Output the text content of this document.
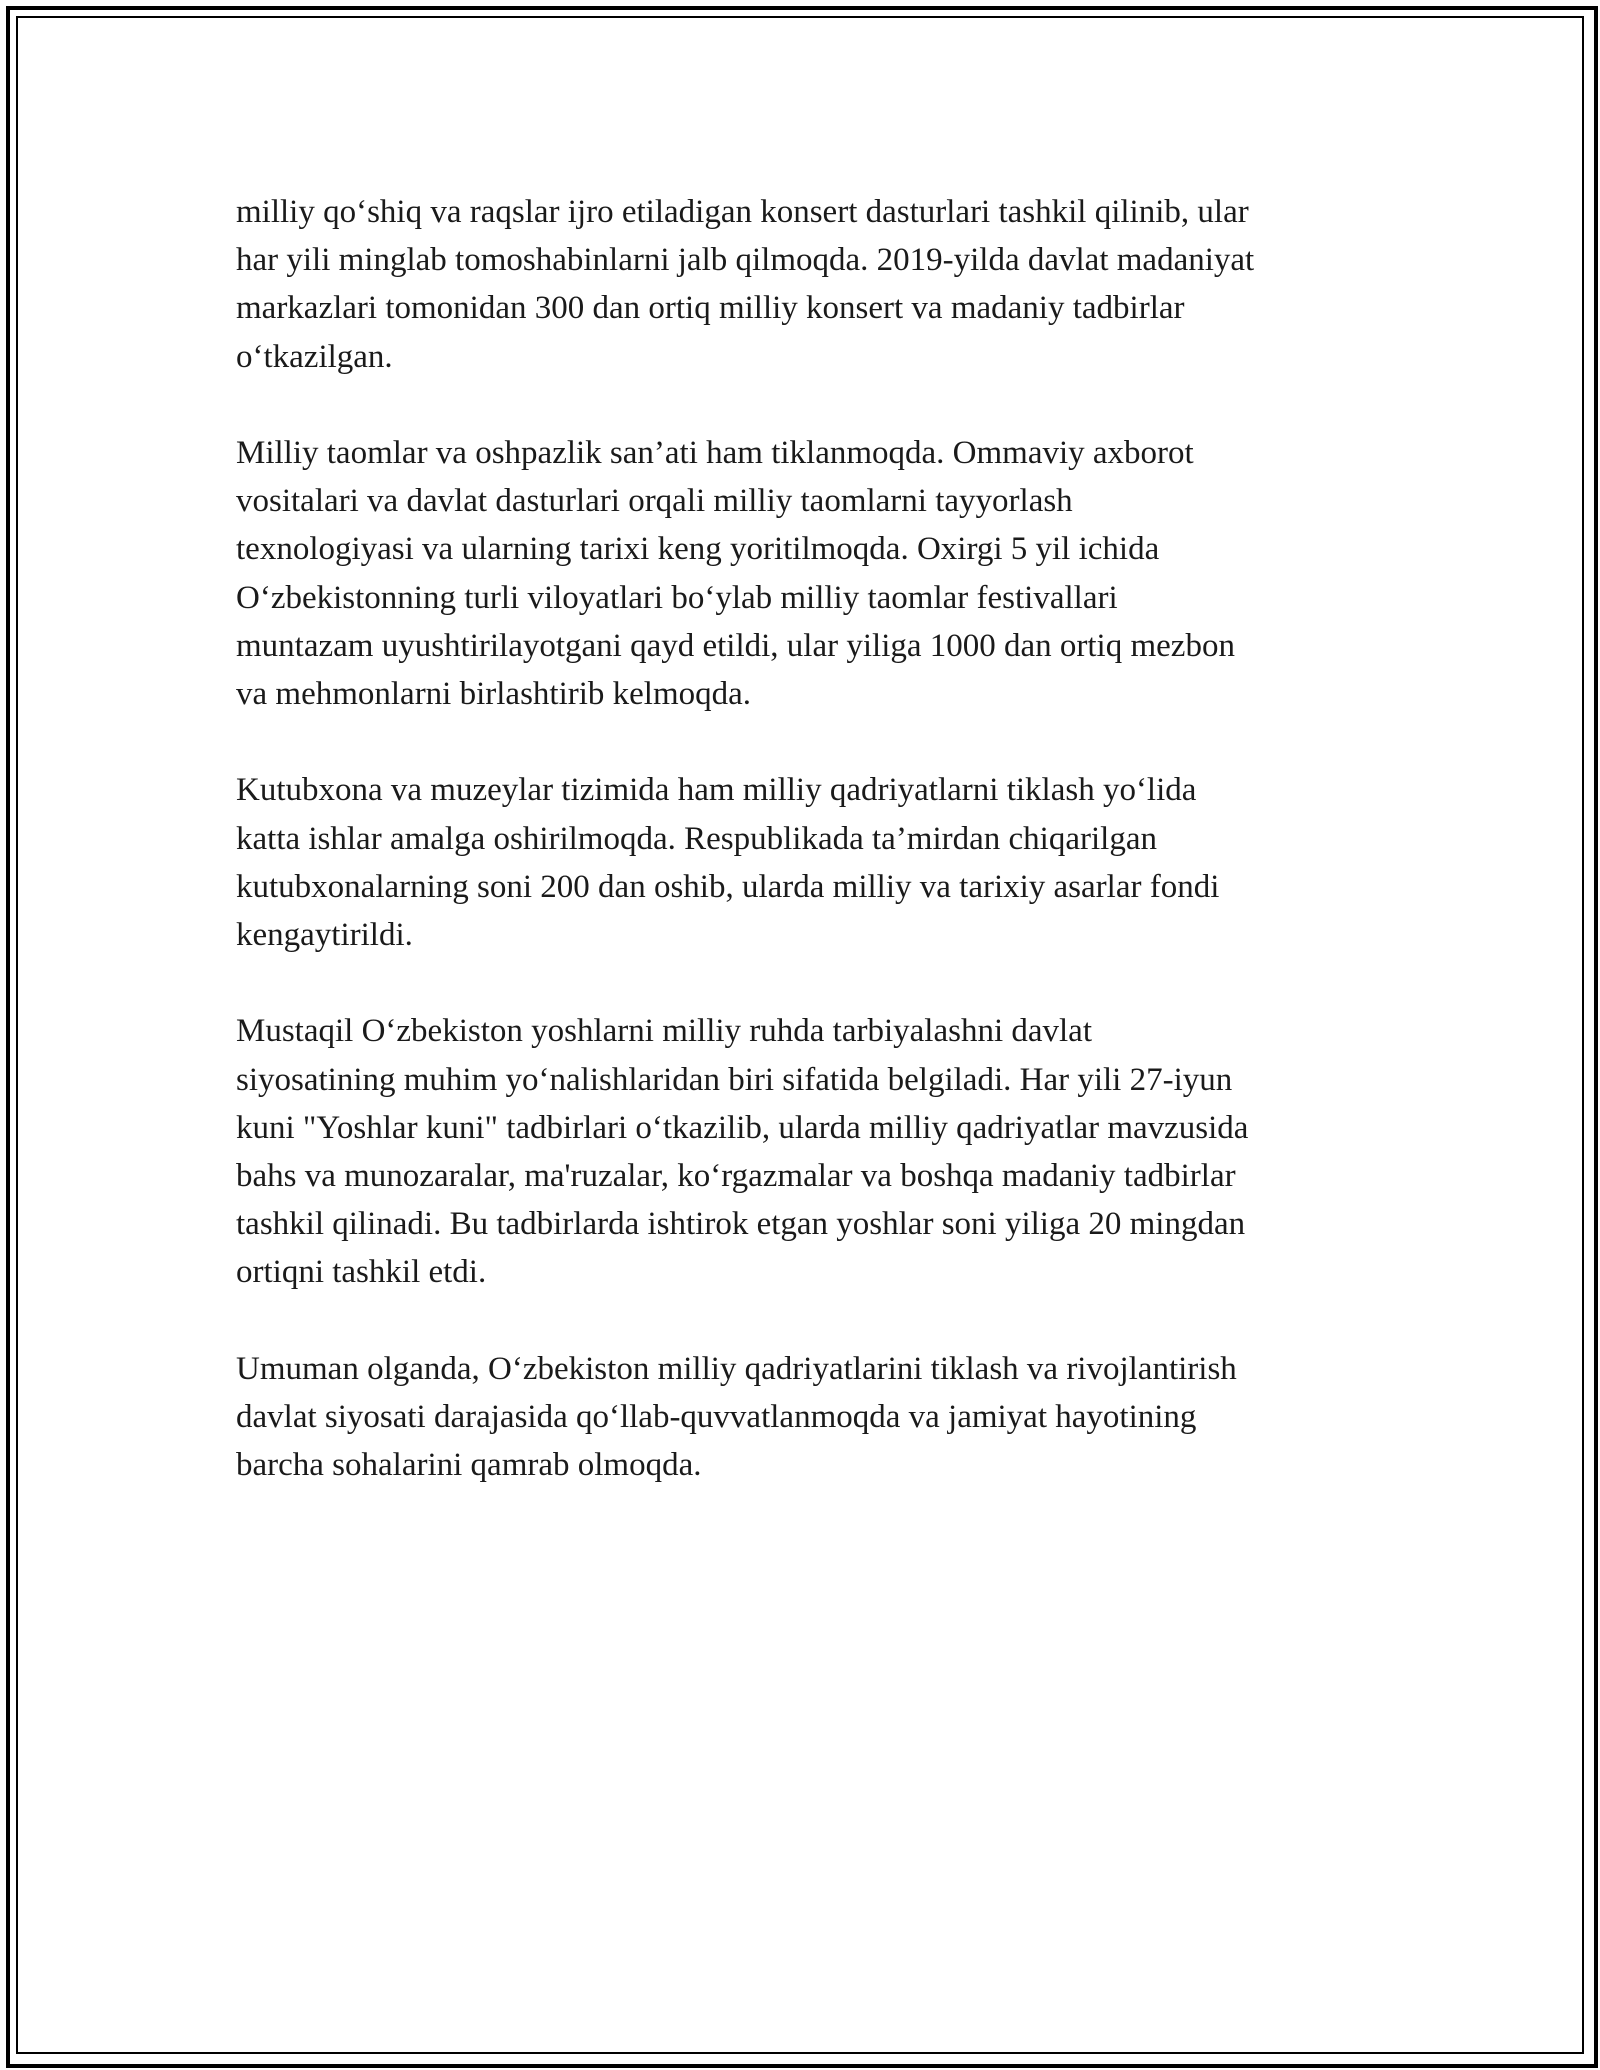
milliy qo‘shiq va raqslar ijro etiladigan konsert dasturlari tashkil qilinib, ular
har yili minglab tomoshabinlarni jalb qilmoqda. 2019-yilda davlat madaniyat
markazlari tomonidan 300 dan ortiq milliy konsert va madaniy tadbirlar
o‘tkazilgan.

Milliy taomlar va oshpazlik san’ati ham tiklanmoqda. Ommaviy axborot
vositalari va davlat dasturlari orqali milliy taomlarni tayyorlash
texnologiyasi va ularning tarixi keng yoritilmoqda. Oxirgi 5 yil ichida
O‘zbekistonning turli viloyatlari bo‘ylab milliy taomlar festivallari
muntazam uyushtirilayotgani qayd etildi, ular yiliga 1000 dan ortiq mezbon
va mehmonlarni birlashtirib kelmoqda.

Kutubxona va muzeylar tizimida ham milliy qadriyatlarni tiklash yo‘lida
katta ishlar amalga oshirilmoqda. Respublikada ta’mirdan chiqarilgan
kutubxonalarning soni 200 dan oshib, ularda milliy va tarixiy asarlar fondi
kengaytirildi.

Mustaqil O‘zbekiston yoshlarni milliy ruhda tarbiyalashni davlat
siyosatining muhim yo‘nalishlaridan biri sifatida belgiladi. Har yili 27-iyun
kuni "Yoshlar kuni" tadbirlari o‘tkazilib, ularda milliy qadriyatlar mavzusida
bahs va munozaralar, ma'ruzalar, ko‘rgazmalar va boshqa madaniy tadbirlar
tashkil qilinadi. Bu tadbirlarda ishtirok etgan yoshlar soni yiliga 20 mingdan
ortiqni tashkil etdi.

Umuman olganda, O‘zbekiston milliy qadriyatlarini tiklash va rivojlantirish
davlat siyosati darajasida qo‘llab-quvvatlanmoqda va jamiyat hayotining
barcha sohalarini qamrab olmoqda.
